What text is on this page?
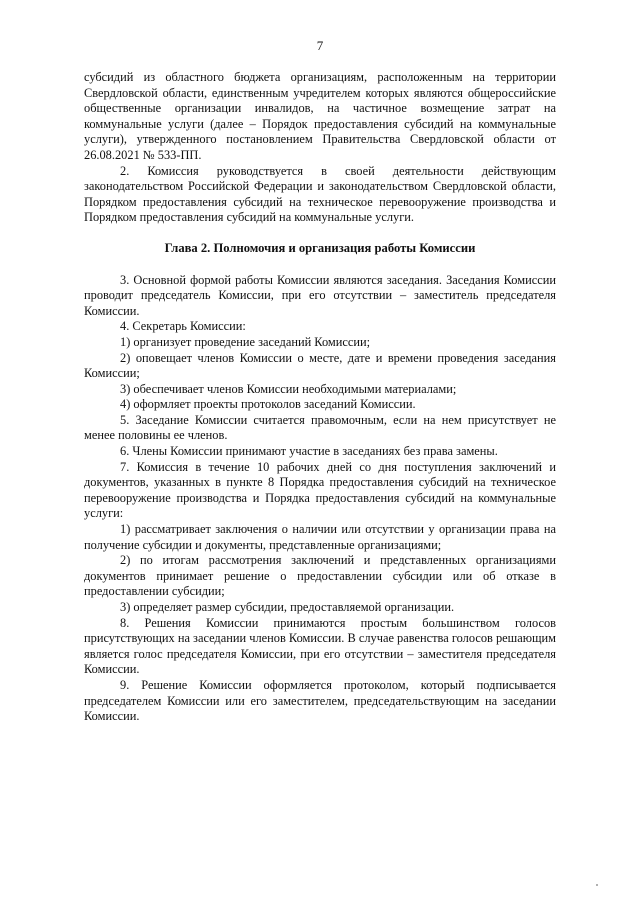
7

субсидий из областного бюджета организациям, расположенным на территории Свердловской области, единственным учредителем которых являются общероссийские общественные организации инвалидов, на частичное возмещение затрат на коммунальные услуги (далее – Порядок предоставления субсидий на коммунальные услуги), утвержденного постановлением Правительства Свердловской области от 26.08.2021 № 533-ПП.

2. Комиссия руководствуется в своей деятельности действующим законодательством Российской Федерации и законодательством Свердловской области, Порядком предоставления субсидий на техническое перевооружение производства и Порядком предоставления субсидий на коммунальные услуги.

Глава 2. Полномочия и организация работы Комиссии

3. Основной формой работы Комиссии являются заседания. Заседания Комиссии проводит председатель Комиссии, при его отсутствии – заместитель председателя Комиссии.

4. Секретарь Комиссии:

1) организует проведение заседаний Комиссии;

2) оповещает членов Комиссии о месте, дате и времени проведения заседания Комиссии;

3) обеспечивает членов Комиссии необходимыми материалами;

4) оформляет проекты протоколов заседаний Комиссии.

5. Заседание Комиссии считается правомочным, если на нем присутствует не менее половины ее членов.

6. Члены Комиссии принимают участие в заседаниях без права замены.

7. Комиссия в течение 10 рабочих дней со дня поступления заключений и документов, указанных в пункте 8 Порядка предоставления субсидий на техническое перевооружение производства и Порядка предоставления субсидий на коммунальные услуги:

1) рассматривает заключения о наличии или отсутствии у организации права на получение субсидии и документы, представленные организациями;

2) по итогам рассмотрения заключений и представленных организациями документов принимает решение о предоставлении субсидии или об отказе в предоставлении субсидии;

3) определяет размер субсидии, предоставляемой организации.

8. Решения Комиссии принимаются простым большинством голосов присутствующих на заседании членов Комиссии. В случае равенства голосов решающим является голос председателя Комиссии, при его отсутствии – заместителя председателя Комиссии.

9. Решение Комиссии оформляется протоколом, который подписывается председателем Комиссии или его заместителем, председательствующим на заседании Комиссии.
